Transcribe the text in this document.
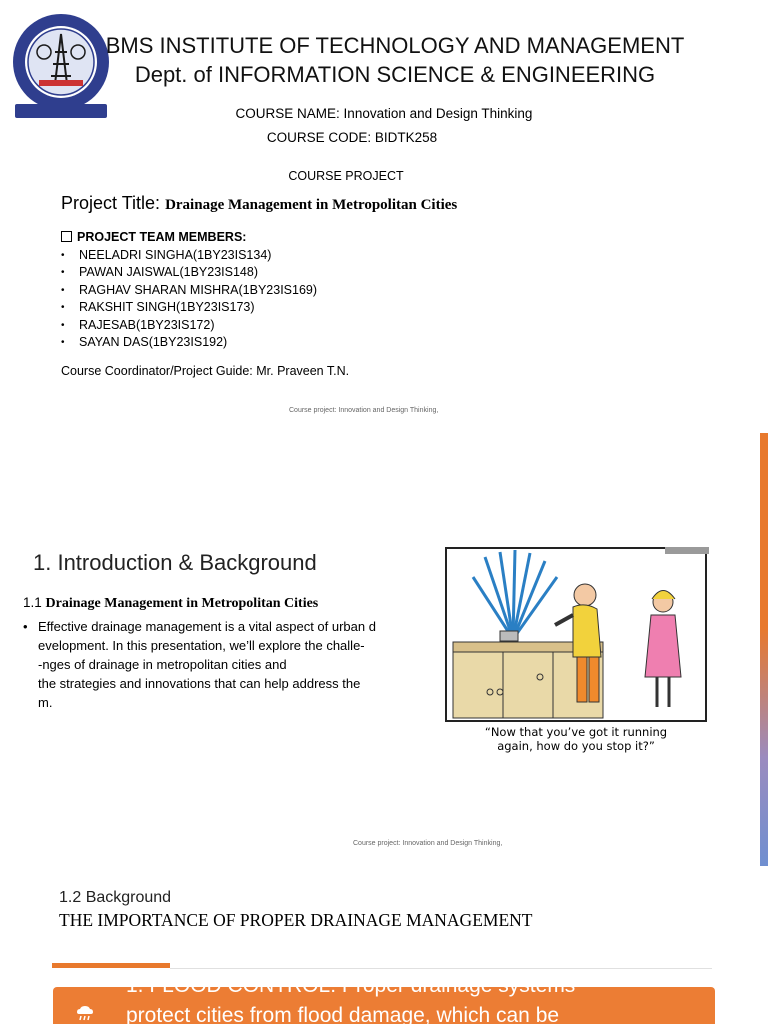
BMS INSTITUTE OF TECHNOLOGY AND MANAGEMENT
Dept. of INFORMATION SCIENCE & ENGINEERING
COURSE NAME: Innovation and Design Thinking
COURSE CODE: BIDTK258
COURSE PROJECT
Project Title: Drainage Management in Metropolitan Cities
PROJECT TEAM MEMBERS:
• NEELADRI SINGHA(1BY23IS134)
• PAWAN JAISWAL(1BY23IS148)
• RAGHAV SHARAN MISHRA(1BY23IS169)
• RAKSHIT SINGH(1BY23IS173)
• RAJESAB(1BY23IS172)
• SAYAN DAS(1BY23IS192)
Course Coordinator/Project Guide: Mr. Praveen T.N.
Course project: Innovation and Design Thinking,
1. Introduction & Background
1.1 Drainage Management in Metropolitan Cities
• Effective drainage management is a vital aspect of urban d
evelopment. In this presentation, we’ll explore the challe-
-nges of drainage in metropolitan cities and
the strategies and innovations that can help address the
m.
“Now that you’ve got it running
again, how do you stop it?”
Course project: Innovation and Design Thinking,
1.2 Background
THE IMPORTANCE OF PROPER DRAINAGE MANAGEMENT
1. FLOOD CONTROL: Proper drainage systems
protect cities from flood damage, which can be
